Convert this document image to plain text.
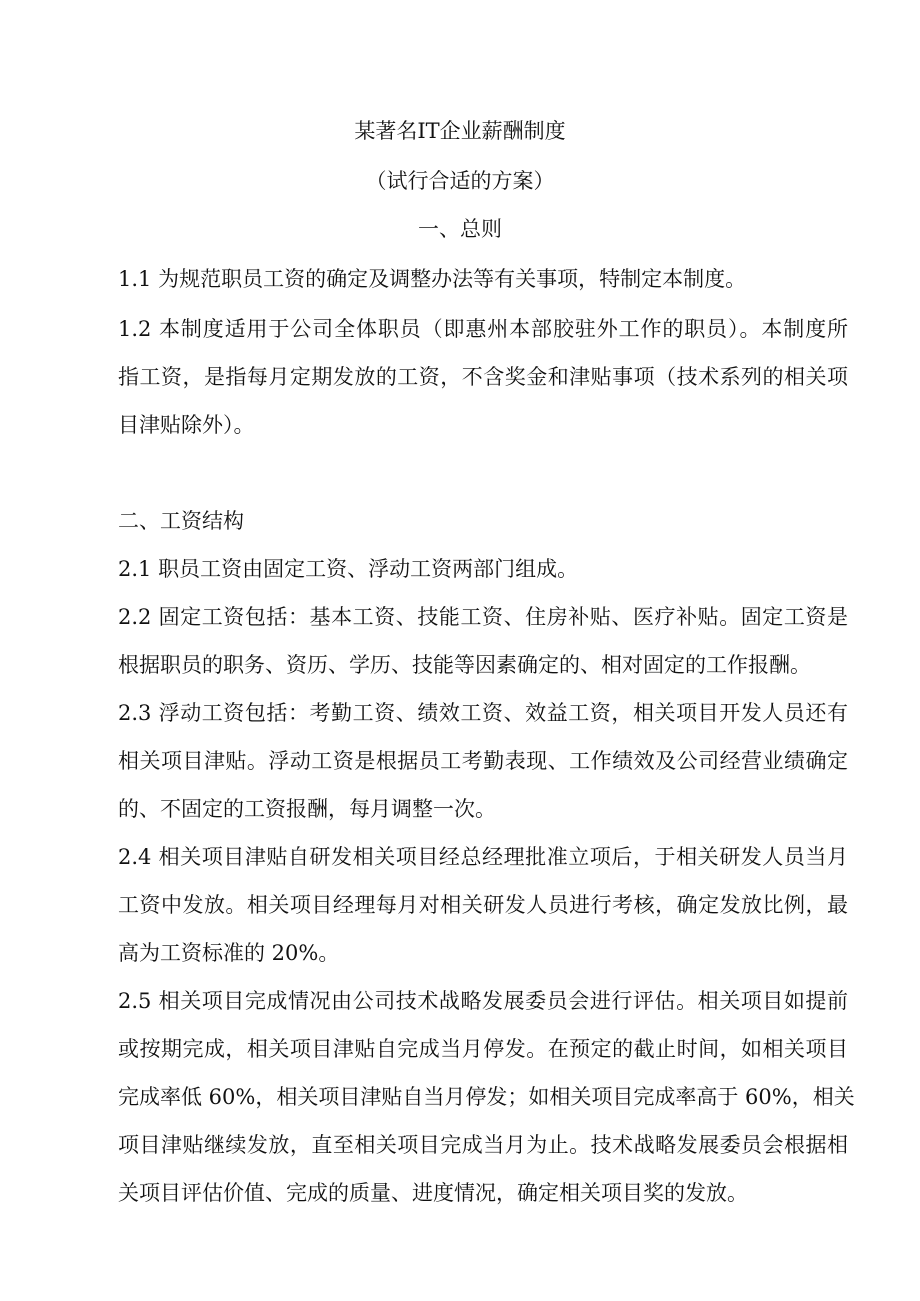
某著名IT企业薪酬制度
（试行合适的方案）
一、总则
1.1 为规范职员工资的确定及调整办法等有关事项，特制定本制度。
1.2 本制度适用于公司全体职员（即惠州本部胶驻外工作的职员）。本制度所
指工资，是指每月定期发放的工资，不含奖金和津贴事项（技术系列的相关项
目津贴除外）。
二、工资结构
2.1 职员工资由固定工资、浮动工资两部门组成。
2.2 固定工资包括：基本工资、技能工资、住房补贴、医疗补贴。固定工资是
根据职员的职务、资历、学历、技能等因素确定的、相对固定的工作报酬。
2.3 浮动工资包括：考勤工资、绩效工资、效益工资，相关项目开发人员还有
相关项目津贴。浮动工资是根据员工考勤表现、工作绩效及公司经营业绩确定
的、不固定的工资报酬，每月调整一次。
2.4 相关项目津贴自研发相关项目经总经理批准立项后，于相关研发人员当月
工资中发放。相关项目经理每月对相关研发人员进行考核，确定发放比例，最
高为工资标准的 20%。
2.5 相关项目完成情况由公司技术战略发展委员会进行评估。相关项目如提前
或按期完成，相关项目津贴自完成当月停发。在预定的截止时间，如相关项目
完成率低 60%，相关项目津贴自当月停发；如相关项目完成率高于 60%，相关
项目津贴继续发放，直至相关项目完成当月为止。技术战略发展委员会根据相
关项目评估价值、完成的质量、进度情况，确定相关项目奖的发放。
